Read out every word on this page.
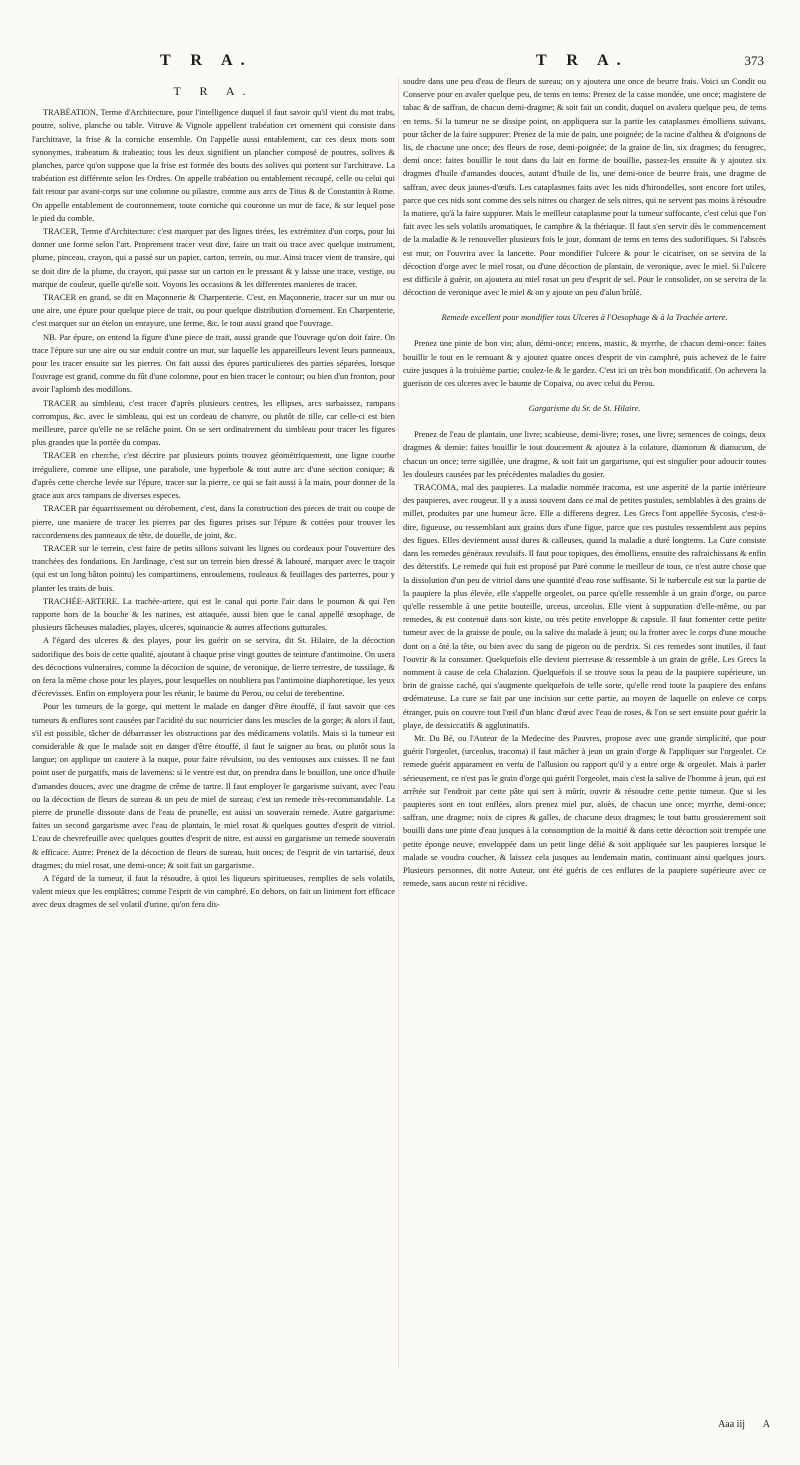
T R A.	T R A.	373
T R A.

TRABÉATION, Terme d'Architecture, pour l'intelligence duquel il faut savoir qu'il vient du mot trabs, poutre, solive, planche ou table. Vitruve & Vignole appellent trabéation cet ornement qui consiste dans l'architrave, la frise & la corniche ensemble. On l'appelle aussi entablement, car ces deux mots sont synonymes, trabeatum & trabeatio; tous les deux signifient un plancher composé de poutres, solives & planches, parce qu'on suppose que la frise est formée des bouts des solives qui portent sur l'architrave. La trabéation est différente selon les Ordres. On appelle trabéation ou entablement recoupé, celle ou celui qui fait retour par avant-corps sur une colomne ou pilastre, comme aux arcs de Titus & de Constantin à Rome. On appelle entablement de couronnement, toute corniche qui couronne un mur de face, & sur lequel pose le pied du comble.

TRACER, Terme d'Architecture: c'est marquer par des lignes tirées, les extrémitez d'un corps, pour lui donner une forme selon l'art. Proprement tracer veut dire, faire un trait ou trace avec quelque instrument, plume, pinceau, crayon, qui a passé sur un papier, carton, terrein, ou mur. Ainsi tracer vient de transire, qui se doit dire de la plume, du crayon, qui passe sur un carton en le pressant & y laisse une trace, vestige, ou marque de couleur, quelle qu'elle soit. Voyons les occasions & les differentes manieres de tracer.

TRACER en grand, se dit en Maçonnerie & Charpenterie. C'est, en Maçonnerie, tracer sur un mur ou une aire, une épure pour quelque piece de trait, ou pour quelque distribution d'ornement. En Charpenterie, c'est marquer sur un ételon un enrayure, une ferme, &c. le tout aussi grand que l'ouvrage.

NB. Par épure, on entend la figure d'une piece de trait, aussi grande que l'ouvrage qu'on doit faire. On trace l'épure sur une aire ou sur enduit contre un mur, sur laquelle les appareilleurs levent leurs panneaux, pour les tracer ensuite sur les pierres. On fait aussi des épures particulieres des parties séparées, lorsque l'ouvrage est grand, comme du fût d'une colomne, pour en bien tracer le contour; ou bien d'un fronton, pour avoir l'aplomb des modillons.

TRACER au simbleau, c'est tracer d'après plusieurs centres, les ellipses, arcs surbaissez, rampans corrompus, &c. avec le simbleau, qui est un cordeau de chanvre, ou plutôt de tille, car celle-ci est bien meilleure, parce qu'elle ne se relâche point. On se sert ordinairement du simbleau pour tracer les figures plus grandes que la portée du compas.

TRACER en cherche, c'est décrire par plusieurs points trouvez géométriquement, une ligne courbe irréguliere, comme une ellipse, une parabole, une hyperbole & tout autre arc d'une section conique; & d'après cette cherche levée sur l'épure, tracer sur la pierre, ce qui se fait aussi à la main, pour donner de la grace aux arcs rampans de diverses especes.

TRACER par équarrissement ou dérobement, c'est, dans la construction des pieces de trait ou coupe de pierre, une maniere de tracer les pierres par des figures prises sur l'épure & cottées pour trouver les raccordemens des panneaux de tête, de douelle, de joint, &c.

TRACER sur le terrein, c'est faire de petits sillons suivant les lignes ou cordeaux pour l'ouverture des tranchées des fondations. En Jardinage, c'est sur un terrein bien dressé & labouré, marquer avec le traçoir (qui est un long bâton pointu) les compartimens, enroulemens, rouleaux & feuillages des parterres, pour y planter les traits de buis.

TRACHÉE-ARTERE. La trachée-artere, qui est le canal qui porte l'air dans le poumon & qui l'en rapporte hors de la bouche & les narines, est attaquée, aussi bien que le canal appellé œsophage, de plusieurs fâcheuses maladies, playes, ulceres, squinancie & autres affections gutturales.

A l'égard des ulceres & des playes, pour les guérir on se servira, dit St. Hilaire, de la décoction sudorifique des bois de cette qualité, ajoutant à chaque prise vingt gouttes de teinture d'antimoine. On usera des décoctions vulneraires, comme la décoction de squine, de veronique, de lierre terrestre, de tussilage, & on fera la même chose pour les playes, pour lesquelles on noubliera pas l'antimoine diaphoretique, les yeux d'écrevisses. Enfin on employera pour les réunir, le baume du Perou, ou celui de terebentine.

Pour les tumeurs de la gorge, qui mettent le malade en danger d'être étouffé, il faut savoir que ces tumeurs & enflures sont causées par l'acidité du suc nourricier dans les muscles de la gorge; & alors il faut, s'il est possible, tâcher de débarrasser les obstructions par des médicamens volatils. Mais si la tumeur est considerable & que le malade soit en danger d'être étouffé, il faut le saigner au bras, ou plutôt sous la langue; on applique un cautere à la nuque, pour faire révulsion, ou des ventouses aux cuisses. Il ne faut point user de purgatifs, mais de lavemens: si le ventre est dur, on prendra dans le bouillon, une once d'huile d'amandes douces, avec une dragme de crême de tartre. Il faut employer le gargarisme suivant, avec l'eau ou la décoction de fleurs de sureau & un peu de miel de sureau; c'est un remede très-recommandable. La pierre de prunelle dissoute dans de l'eau de prunelle, est aussi un souverain remede. Autre gargarisme: faites un second gargarisme avec l'eau de plantain, le miel rosat & quelques gouttes d'esprit de vitriol. L'eau de chevrefeuille avec quelques gouttes d'esprit de nitre, est aussi en gargarisme un remede souverain & efficace. Autre: Prenez de la décoction de fleurs de sureau, huit onces; de l'esprit de vin tartarisé, deux dragmes; du miel rosat, une demi-once; & soit fait un gargarisme.

A l'égard de la tumeur, il faut la résoudre, à quoi les liqueurs spiritueuses, remplies de sels volatils, valent mieux que les emplâtres; comme l'esprit de vin camphré. En dehors, on fait un liniment fort efficace avec deux dragmes de sel volatil d'urine, qu'on fera dis-

soudre dans une peu d'eau de fleurs de sureau; on y ajoutera une once de beurre frais. Voici un Condit ou Conserve pour en avaler quelque peu, de tems en tems: Prenez de la casse mondée, une once; magistere de tabac & de saffran, de chacun demi-dragme; & soit fait un condit, duquel on avalera quelque peu, de tems en tems. Si la tumeur ne se dissipe point, on appliquera sur la partie les cataplasmes émolliens suivans, pour tâcher de la faire suppurer: Prenez de la mie de pain, une poignée; de la racine d'althea & d'oignons de lis, de chacune une once; des fleurs de rose, demi-poignée; de la graine de lin, six dragmes; du fenugrec, demi once: faites bouillir le tout dans du lait en forme de bouillie, passez-les ensuite & y ajoutez six dragmes d'huile d'amandes douces, autant d'huile de lis, une demi-once de beurre frais, une dragme de saffran, avec deux jaunes-d'œufs. Les cataplasmes faits avec les nids d'hirondelles, sont encore fort utiles, parce que ces nids sont comme des sels nitres ou chargez de sels nitres, qui ne servent pas moins à résoudre la matiere, qu'à la faire suppurer. Mais le meilleur cataplasme pour la tumeur suffocante, c'est celui que l'on fait avec les sels volatils aromatiques, le camphre & la thériaque. Il faut s'en servir dès le commencement de la maladie & le renouveller plusieurs fois le jour, donnant de tems en tems des sudorifiques. Si l'abscès est mur, on l'ouvrira avec la lancette. Pour mondifier l'ulcere & pour le cicatriser, on se servira de la décoction d'orge avec le miel rosat, ou d'une décoction de plantain, de veronique, avec le miel. Si l'ulcere est difficile à guérir, on ajoutera au miel rosat un peu d'esprit de sel. Pour le consolider, on se servira de la décoction de veronique avec le miel & on y ajoute un peu d'alun brûlé.

Remede excellent pour mondifier tous Ulceres à l'Oesophage & à la Trachée artere.

Prenez une pinte de bon vin; alun, démi-once; encens, mastic, & myrrhe, de chacun demi-once: faites bouillir le tout en le remuant & y ajoutez quatre onces d'esprit de vin camphré, puis achevez de le faire cuire jusques à la troisième partie; coulez-le & le gardez. C'est ici un très bon mondificatif. On achevera la guerison de ces ulceres avec le baume de Copaiva, ou avec celui du Perou.

Gargarisme du Sr. de St. Hilaire.

Prenez de l'eau de plantain, une livre; scabieuse, demi-livre; roses, une livre; semences de coings, deux dragmes & demie: faites bouillir le tout doucement & ajoutez à la colature, diamorum & dianucum, de chacun un once; terre sigillée, une dragme, & soit fait un gargarisme, qui est singulier pour adoucir toutes les douleurs causées par les précédentes maladies du gosier.

TRACOMA, mal des paupieres. La maladie nommée tracoma, est une asperité de la partie intérieure des paupieres, avec rougeur. Il y a aussi souvent dans ce mal de petites pustules, semblables à des grains de millet, produites par une humeur âcre. Elle a differens degrez. Les Grecs l'ont appellée Sycosis, c'est-à-dire, figueuse, ou ressemblant aux grains durs d'une figue, parce que ces pustules ressemblent aux pepins des figues. Elles deviennent aussi dures & calleuses, quand la maladie a duré longtems. La Cure consiste dans les remedes généraux revulsifs. Il faut pour topiques, des émolliens, ensuite des rafraichissans & enfin des déterstifs. Le remede qui fuit est proposé par Paré comme le meilleur de tous, ce n'est autre chose que la dissolution d'un peu de vitriol dans une quantité d'eau rose suffisante. Si le turbercule est sur la partie de la paupiere la plus élevée, elle s'appelle orgeolet, ou parce qu'elle ressemble à un grain d'orge, ou parce qu'elle ressemble à une petite bouteille, urceus, urceolus. Elle vient à suppuration d'elle-même, ou par remedes, & est contenuë dans son kiste, ou très petite enveloppe & capsule. Il faut fomenter cette petite tumeur avec de la graisse de poule, ou la salive du malade à jeun; ou la frotter avec le corps d'une mouche dont on a ôté la tête, ou bien avec du sang de pigeon ou de perdrix. Si ces remedes sont inutiles, il faut l'ouvrir & la consumer. Quelquefois elle devient pierreuse & ressemble à un grain de grêle. Les Grecs la nomment à cause de cela Chalazion. Quelquefois il se trouve sous la peau de la paupiere supérieure, un brin de graisse caché, qui s'augmente quelquefois de telle sorte, qu'elle rend toute la paupiere des enfans œdémateuse. La cure se fait par une incision sur cette partie, au moyen de laquelle on enleve ce corps étranger, puis on couvre tout l'œil d'un blanc d'œuf avec l'eau de roses, & l'on se sert ensuite pour guérir la playe, de dessiccatifs & agglutinatifs.

Mr. Du Bé, ou l'Auteur de la Medecine des Pauvres, propose avec une grande simplicité, que pour guérir l'orgeolet, (urceolus, tracoma) il faut mâcher à jeun un grain d'orge & l'appliquer sur l'orgeolet. Ce remede guérit apparament en vertu de l'allusion ou rapport qu'il y a entre orge & orgeolet. Mais à parler sérieusement, ce n'est pas le grain d'orge qui guérit l'orgeolet, mais c'est la salive de l'homme à jeun, qui est arrêtée sur l'endroit par cette pâte qui sert à mûrir, ouvrir & résoudre cette petite tumeur. Que si les paupieres sont en tout enflées, alors prenez miel pur, aloès, de chacun une once; myrrhe, demi-once; saffran, une dragme; noix de cipres & galles, de chacune deux dragmes; le tout battu grossierement soit bouilli dans une pinte d'eau jusques à la consomption de la moitié & dans cette décoction soit trempée une petite éponge neuve, enveloppée dans un petit linge délié & soit appliquée sur les paupieres lorsque le malade se voudra coucher, & laissez cela jusques au lendemain matin, continuant ainsi quelques jours. Plusieurs personnes, dit notre Auteur, ont été guéris de ces enflures de la paupiere supérieure avec ce remede, sans aucun reste ni récidive.

Aaa iij A
